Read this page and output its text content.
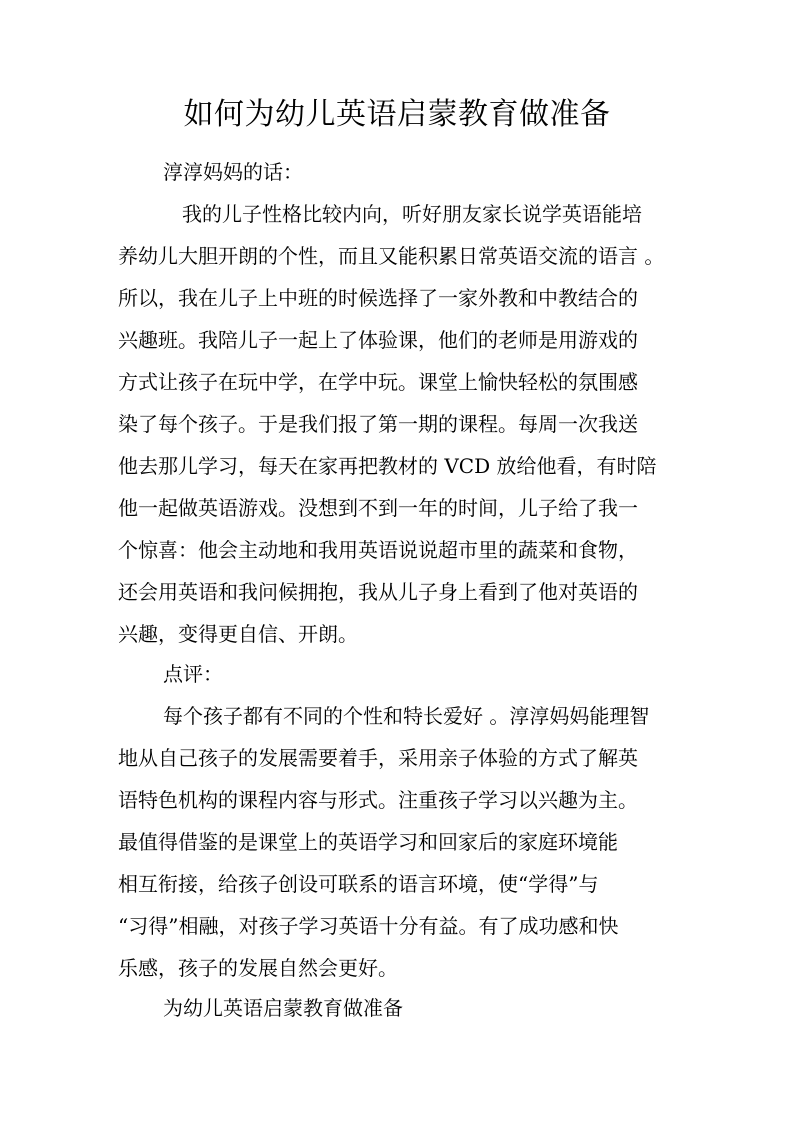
如何为幼儿英语启蒙教育做准备

淳淳妈妈的话：

我的儿子性格比较内向，听好朋友家长说学英语能培

养幼儿大胆开朗的个性，而且又能积累日常英语交流的语言 。

所以，我在儿子上中班的时候选择了一家外教和中教结合的

兴趣班。我陪儿子一起上了体验课，他们的老师是用游戏的

方式让孩子在玩中学，在学中玩。课堂上愉快轻松的氛围感

染了每个孩子。于是我们报了第一期的课程。每周一次我送

他去那儿学习，每天在家再把教材的 VCD 放给他看，有时陪

他一起做英语游戏。没想到不到一年的时间，儿子给了我一

个惊喜：他会主动地和我用英语说说超市里的蔬菜和食物，

还会用英语和我问候拥抱，我从儿子身上看到了他对英语的

兴趣，变得更自信、开朗。

点评：

每个孩子都有不同的个性和特长爱好 。淳淳妈妈能理智

地从自己孩子的发展需要着手，采用亲子体验的方式了解英

语特色机构的课程内容与形式。注重孩子学习以兴趣为主。

最值得借鉴的是课堂上的英语学习和回家后的家庭环境能

相互衔接，给孩子创设可联系的语言环境，使“学得”与

“习得”相融，对孩子学习英语十分有益。有了成功感和快

乐感，孩子的发展自然会更好。

为幼儿英语启蒙教育做准备
